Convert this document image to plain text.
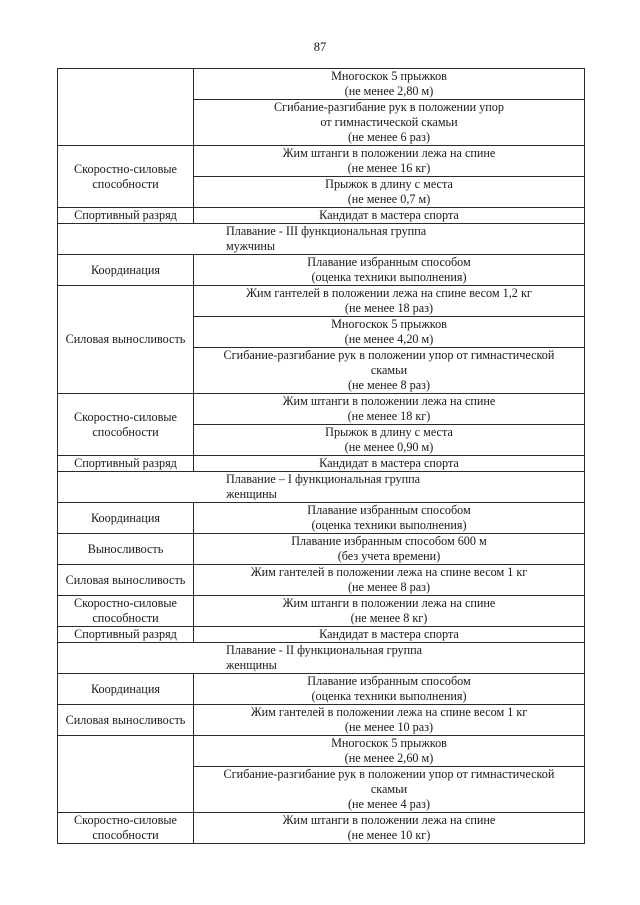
87

	Многоскок 5 прыжков
(не менее 2,80 м)

	Сгибание-разгибание рук в положении упор
от гимнастической скамьи
(не менее 6 раз)

Скоростно-силовые способности	Жим штанги в положении лежа на спине
(не менее 16 кг)

	Прыжок в длину с места
(не менее 0,7 м)

Спортивный разряд	Кандидат в мастера спорта

Плавание - III функциональная группа
мужчины	

Координация	Плавание избранным способом
(оценка техники выполнения)

Силовая выносливость	Жим гантелей в положении лежа на спине весом 1,2 кг
(не менее 18 раз)

	Многоскок 5 прыжков
(не менее 4,20 м)

	Сгибание-разгибание рук в положении упор от гимнастической
скамьи
(не менее 8 раз)

Скоростно-силовые способности	Жим штанги в положении лежа на спине
(не менее 18 кг)

	Прыжок в длину с места
(не менее 0,90 м)

Спортивный разряд	Кандидат в мастера спорта

Плавание – I функциональная группа
женщины	

Координация	Плавание избранным способом
(оценка техники выполнения)

Выносливость	Плавание избранным способом 600 м
(без учета времени)

Силовая выносливость	Жим гантелей в положении лежа на спине весом 1 кг
(не менее 8 раз)

Скоростно-силовые способности	Жим штанги в положении лежа на спине
(не менее 8 кг)

Спортивный разряд	Кандидат в мастера спорта

Плавание - II функциональная группа
женщины	

Координация	Плавание избранным способом
(оценка техники выполнения)

Силовая выносливость	Жим гантелей в положении лежа на спине весом 1 кг
(не менее 10 раз)

	Многоскок 5 прыжков
(не менее 2,60 м)

	Сгибание-разгибание рук в положении упор от гимнастической
скамьи
(не менее 4 раз)

Скоростно-силовые способности	Жим штанги в положении лежа на спине
(не менее 10 кг)
